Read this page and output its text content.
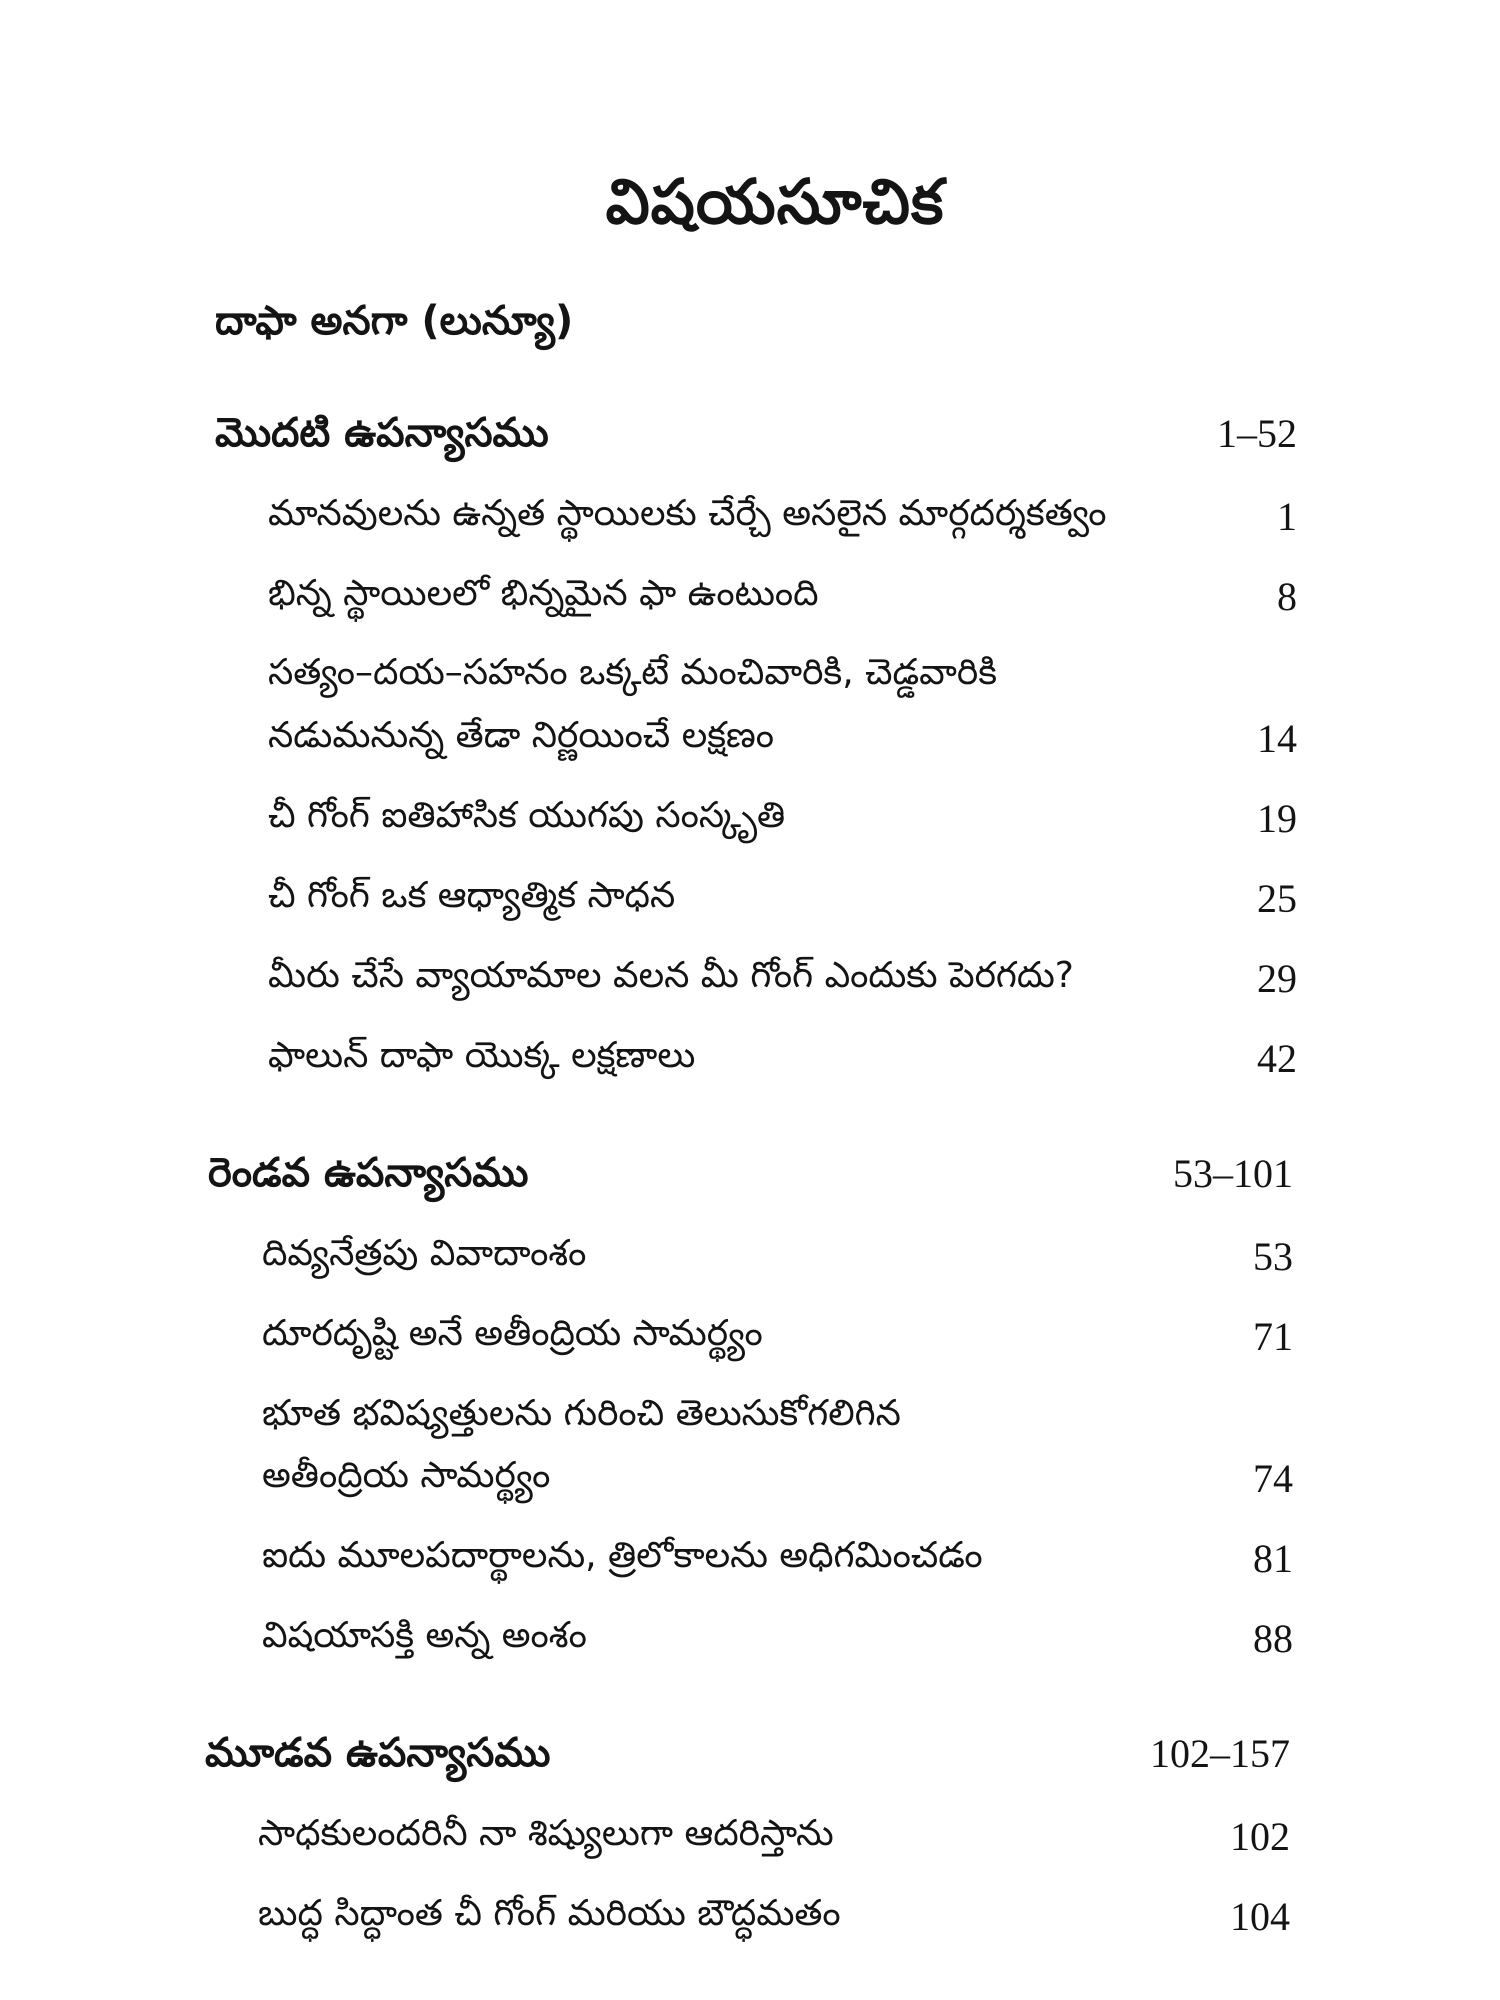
విషయసూచిక
దాఫా అనగా (లున్యూ)
మొదటి ఉపన్యాసము	1–52
మానవులను ఉన్నత స్థాయిలకు చేర్చే అసలైన మార్గదర్శకత్వం	1
భిన్న స్థాయిలలో భిన్నమైన ఫా ఉంటుంది	8
సత్యం–దయ–సహనం ఒక్కటే మంచివారికి, చెడ్డవారికి
నడుమనున్న తేడా నిర్ణయించే లక్షణం	14
చీ గోంగ్ ఐతిహాసిక యుగపు సంస్కృతి	19
చీ గోంగ్ ఒక ఆధ్యాత్మిక సాధన	25
మీరు చేసే వ్యాయామాల వలన మీ గోంగ్ ఎందుకు పెరగదు?	29
ఫాలున్ దాఫా యొక్క లక్షణాలు	42
రెండవ ఉపన్యాసము	53–101
దివ్యనేత్రపు వివాదాంశం	53
దూరదృష్టి అనే అతీంద్రియ సామర్థ్యం	71
భూత భవిష్యత్తులను గురించి తెలుసుకోగలిగిన
అతీంద్రియ సామర్థ్యం	74
ఐదు మూలపదార్థాలను, త్రిలోకాలను అధిగమించడం	81
విషయాసక్తి అన్న అంశం	88
మూడవ ఉపన్యాసము	102–157
సాధకులందరినీ నా శిష్యులుగా ఆదరిస్తాను	102
బుద్ధ సిద్ధాంత చీ గోంగ్ మరియు బౌద్ధమతం	104
